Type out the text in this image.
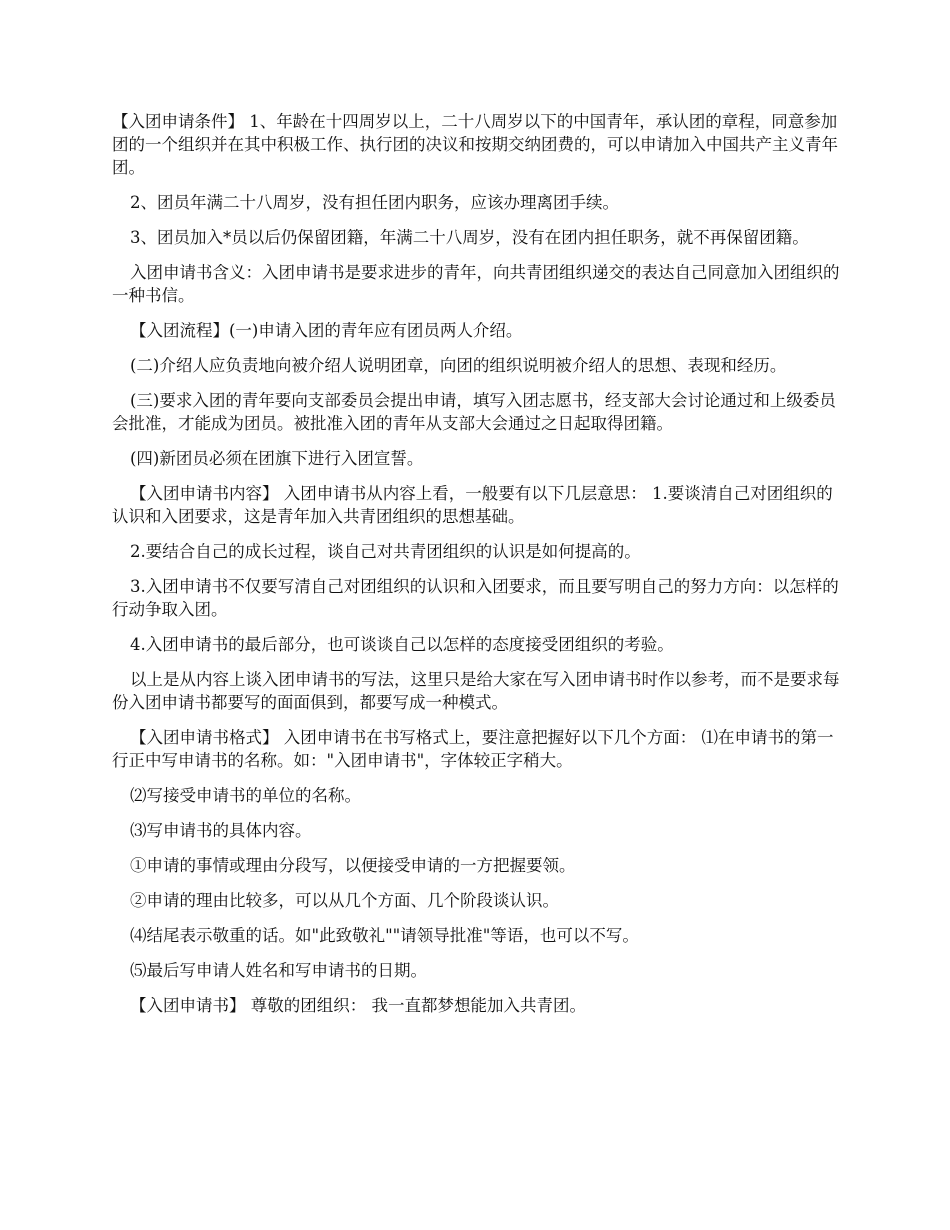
【入团申请条件】 1、年龄在十四周岁以上，二十八周岁以下的中国青年，承认团的章程，同意参加团的一个组织并在其中积极工作、执行团的决议和按期交纳团费的，可以申请加入中国共产主义青年团。

2、团员年满二十八周岁，没有担任团内职务，应该办理离团手续。

3、团员加入*员以后仍保留团籍，年满二十八周岁，没有在团内担任职务，就不再保留团籍。

入团申请书含义：入团申请书是要求进步的青年，向共青团组织递交的表达自己同意加入团组织的一种书信。

【入团流程】(一)申请入团的青年应有团员两人介绍。

(二)介绍人应负责地向被介绍人说明团章，向团的组织说明被介绍人的思想、表现和经历。

(三)要求入团的青年要向支部委员会提出申请，填写入团志愿书，经支部大会讨论通过和上级委员会批准，才能成为团员。被批准入团的青年从支部大会通过之日起取得团籍。

(四)新团员必须在团旗下进行入团宣誓。

【入团申请书内容】 入团申请书从内容上看，一般要有以下几层意思： 1.要谈清自己对团组织的认识和入团要求，这是青年加入共青团组织的思想基础。

2.要结合自己的成长过程，谈自己对共青团组织的认识是如何提高的。

3.入团申请书不仅要写清自己对团组织的认识和入团要求，而且要写明自己的努力方向：以怎样的行动争取入团。

4.入团申请书的最后部分，也可谈谈自己以怎样的态度接受团组织的考验。

以上是从内容上谈入团申请书的写法，这里只是给大家在写入团申请书时作以参考，而不是要求每份入团申请书都要写的面面俱到，都要写成一种模式。

【入团申请书格式】 入团申请书在书写格式上，要注意把握好以下几个方面： ⑴在申请书的第一行正中写申请书的名称。如："入团申请书"，字体较正字稍大。

⑵写接受申请书的单位的名称。

⑶写申请书的具体内容。

①申请的事情或理由分段写，以便接受申请的一方把握要领。

②申请的理由比较多，可以从几个方面、几个阶段谈认识。

⑷结尾表示敬重的话。如"此致敬礼""请领导批准"等语，也可以不写。

⑸最后写申请人姓名和写申请书的日期。

【入团申请书】 尊敬的团组织： 我一直都梦想能加入共青团。
